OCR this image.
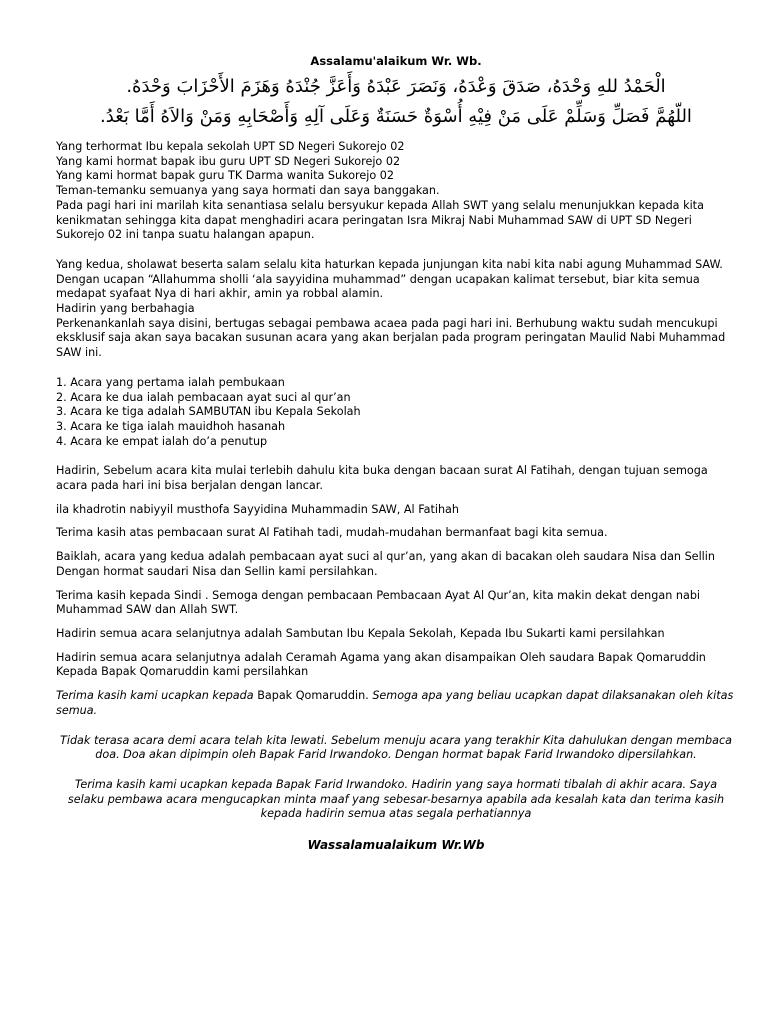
Assalamu'alaikum Wr. Wb.

الْحَمْدُ للهِ وَحْدَهُ، صَدَقَ وَعْدَهُ، وَنَصَرَ عَبْدَهُ وَأَعَزَّ جُنْدَهُ وَهَزَمَ الأَحْزَابَ وَحْدَهُ.

اللّهُمَّ فَصَلِّ وَسَلِّمْ عَلَى مَنْ فِيْهِ أُسْوَةٌ حَسَنَةٌ وَعَلَى آلِهِ وَأَصْحَابِهِ وَمَنْ وَالاَهُ أَمَّا بَعْدُ.

Yang terhormat Ibu kepala sekolah UPT SD Negeri Sukorejo 02

Yang kami hormat bapak ibu guru UPT SD Negeri Sukorejo 02

Yang kami hormat bapak guru TK Darma wanita Sukorejo 02

Teman-temanku semuanya yang saya hormati dan saya banggakan.

Pada pagi hari ini marilah kita senantiasa selalu bersyukur kepada Allah SWT yang selalu menunjukkan kepada kita kenikmatan sehingga kita dapat menghadiri acara peringatan Isra Mikraj Nabi Muhammad SAW di UPT SD Negeri Sukorejo 02 ini tanpa suatu halangan apapun.

Yang kedua, sholawat beserta salam selalu kita haturkan kepada junjungan kita nabi kita nabi agung Muhammad SAW. Dengan ucapan “Allahumma sholli ‘ala sayyidina muhammad” dengan ucapakan kalimat tersebut, biar kita semua medapat syafaat Nya di hari akhir, amin ya robbal alamin.

Hadirin yang berbahagia

Perkenankanlah saya disini, bertugas sebagai pembawa acaea pada pagi hari ini. Berhubung waktu sudah mencukupi eksklusif saja akan saya bacakan susunan acara yang akan berjalan pada program peringatan Maulid Nabi Muhammad SAW ini.

1. Acara yang pertama ialah pembukaan

2. Acara ke dua ialah pembacaan ayat suci al qur’an

3. Acara ke tiga adalah SAMBUTAN ibu Kepala Sekolah

3. Acara ke tiga ialah mauidhoh hasanah

4. Acara ke empat ialah do’a penutup

Hadirin, Sebelum acara kita mulai terlebih dahulu kita buka dengan bacaan surat Al Fatihah, dengan tujuan semoga acara pada hari ini bisa berjalan dengan lancar.

ila khadrotin nabiyyil musthofa Sayyidina Muhammadin SAW, Al Fatihah

Terima kasih atas pembacaan surat Al Fatihah tadi, mudah-mudahan bermanfaat bagi kita semua.

Baiklah, acara yang kedua adalah pembacaan ayat suci al qur’an, yang akan di bacakan oleh saudara Nisa dan Sellin Dengan hormat saudari Nisa dan Sellin kami persilahkan.

Terima kasih kepada Sindi . Semoga dengan pembacaan Pembacaan Ayat Al Qur’an, kita makin dekat dengan nabi Muhammad SAW dan Allah SWT.

Hadirin semua acara selanjutnya adalah Sambutan Ibu Kepala Sekolah, Kepada Ibu Sukarti kami persilahkan

Hadirin semua acara selanjutnya adalah Ceramah Agama yang akan disampaikan Oleh saudara Bapak Qomaruddin Kepada Bapak Qomaruddin kami persilahkan

Terima kasih kami ucapkan kepada Bapak Qomaruddin. Semoga apa yang beliau ucapkan dapat dilaksanakan oleh kitas semua.

Tidak terasa acara demi acara telah kita lewati. Sebelum menuju acara yang terakhir Kita dahulukan dengan membaca doa. Doa akan dipimpin oleh Bapak Farid Irwandoko. Dengan hormat bapak Farid Irwandoko dipersilahkan.

Terima kasih kami ucapkan kepada Bapak Farid Irwandoko. Hadirin yang saya hormati tibalah di akhir acara. Saya selaku pembawa acara mengucapkan minta maaf yang sebesar-besarnya apabila ada kesalah kata dan terima kasih kepada hadirin semua atas segala perhatiannya

Wassalamualaikum Wr.Wb
